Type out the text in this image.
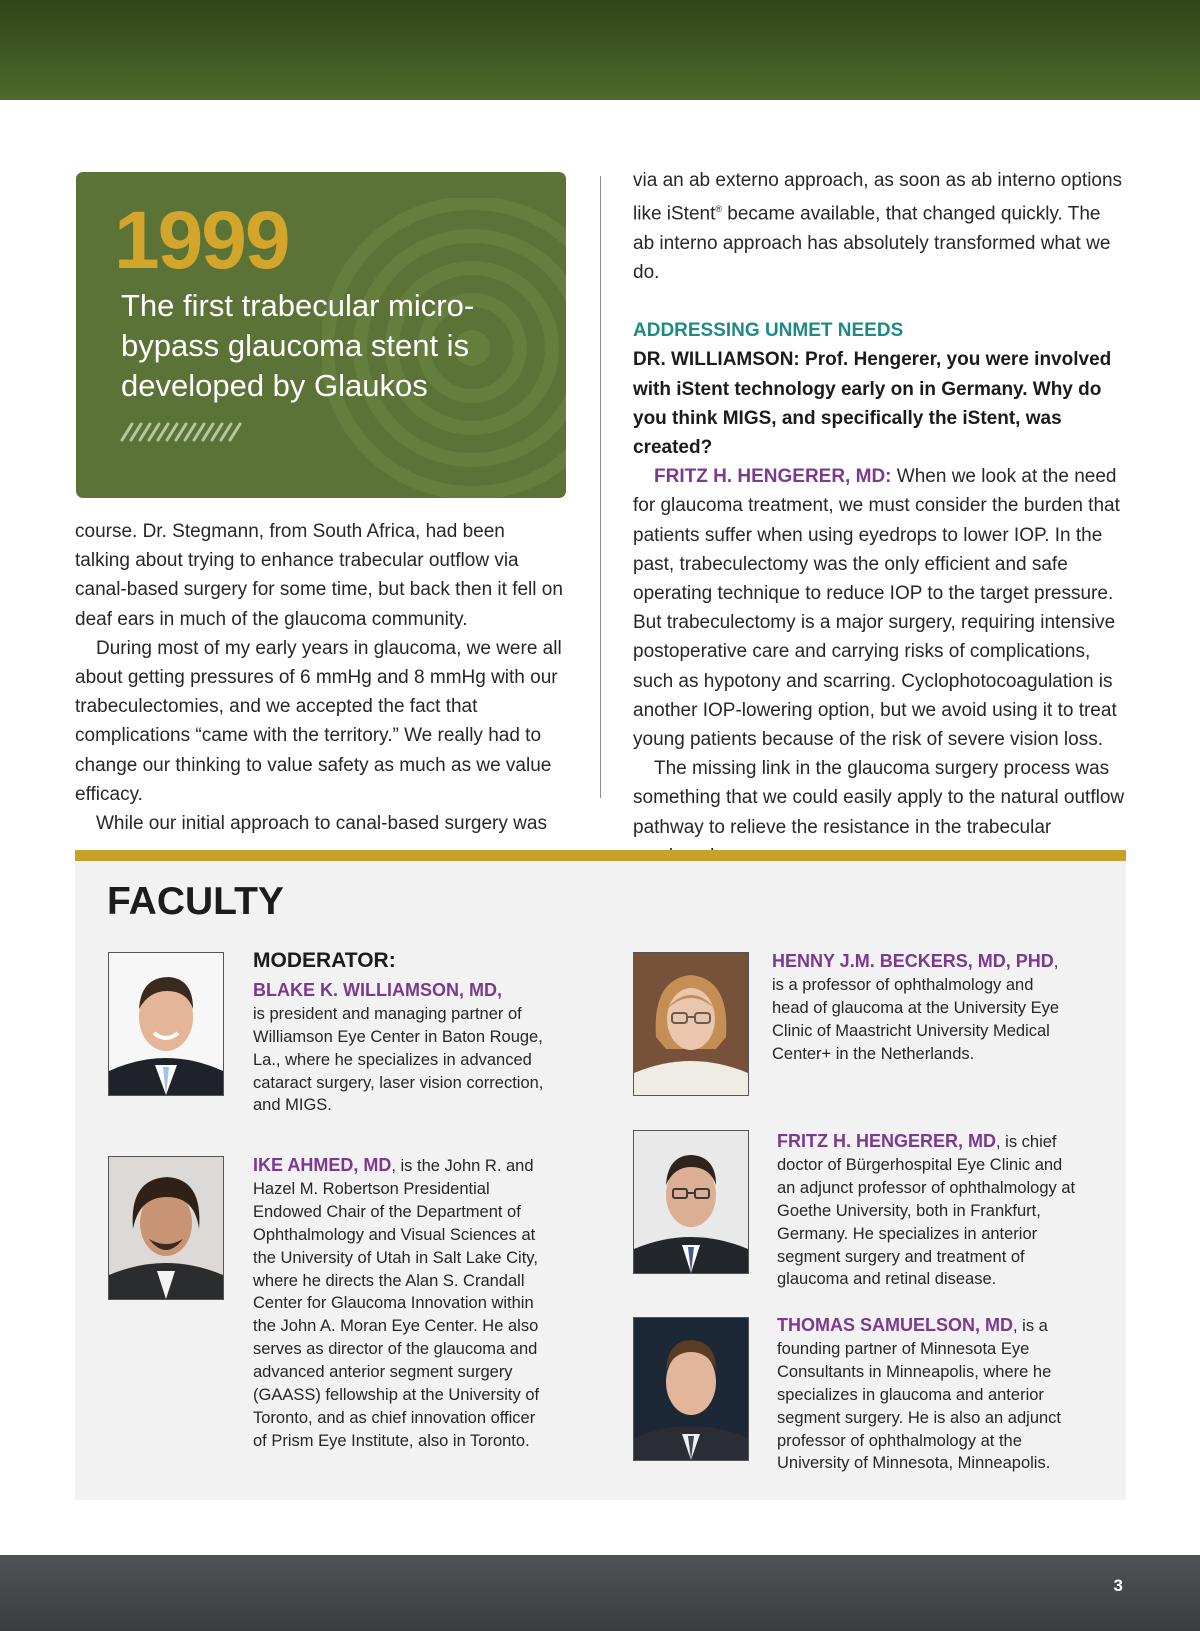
1999
The first trabecular micro-bypass glaucoma stent is developed by Glaukos

course. Dr. Stegmann, from South Africa, had been talking about trying to enhance trabecular outflow via canal-based surgery for some time, but back then it fell on deaf ears in much of the glaucoma community.

During most of my early years in glaucoma, we were all about getting pressures of 6 mmHg and 8 mmHg with our trabeculectomies, and we accepted the fact that complications “came with the territory.” We really had to change our thinking to value safety as much as we value efficacy.

While our initial approach to canal-based surgery was

via an ab externo approach, as soon as ab interno options like iStent® became available, that changed quickly. The ab interno approach has absolutely transformed what we do.

ADDRESSING UNMET NEEDS

DR. WILLIAMSON: Prof. Hengerer, you were involved with iStent technology early on in Germany. Why do you think MIGS, and specifically the iStent, was created?

FRITZ H. HENGERER, MD: When we look at the need for glaucoma treatment, we must consider the burden that patients suffer when using eyedrops to lower IOP. In the past, trabeculectomy was the only efficient and safe operating technique to reduce IOP to the target pressure. But trabeculectomy is a major surgery, requiring intensive postoperative care and carrying risks of complications, such as hypotony and scarring. Cyclophotocoagulation is another IOP-lowering option, but we avoid using it to treat young patients because of the risk of severe vision loss.

The missing link in the glaucoma surgery process was something that we could easily apply to the natural outflow pathway to relieve the resistance in the trabecular

FACULTY
MODERATOR:
BLAKE K. WILLIAMSON, MD,
is president and managing partner of Williamson Eye Center in Baton Rouge, La., where he specializes in advanced cataract surgery, laser vision correction, and MIGS.
IKE AHMED, MD, is the John R. and Hazel M. Robertson Presidential Endowed Chair of the Department of Ophthalmology and Visual Sciences at the University of Utah in Salt Lake City, where he directs the Alan S. Crandall Center for Glaucoma Innovation within the John A. Moran Eye Center. He also serves as director of the glaucoma and advanced anterior segment surgery (GAASS) fellowship at the University of Toronto, and as chief innovation officer of Prism Eye Institute, also in Toronto.
HENNY J.M. BECKERS, MD, PHD, is a professor of ophthalmology and head of glaucoma at the University Eye Clinic of Maastricht University Medical Center+ in the Netherlands.
FRITZ H. HENGERER, MD, is chief doctor of Bürgerhospital Eye Clinic and an adjunct professor of ophthalmology at Goethe University, both in Frankfurt, Germany. He specializes in anterior segment surgery and treatment of glaucoma and retinal disease.
THOMAS SAMUELSON, MD, is a founding partner of Minnesota Eye Consultants in Minneapolis, where he specializes in glaucoma and anterior segment surgery. He is also an adjunct professor of ophthalmology at the University of Minnesota, Minneapolis.
3
